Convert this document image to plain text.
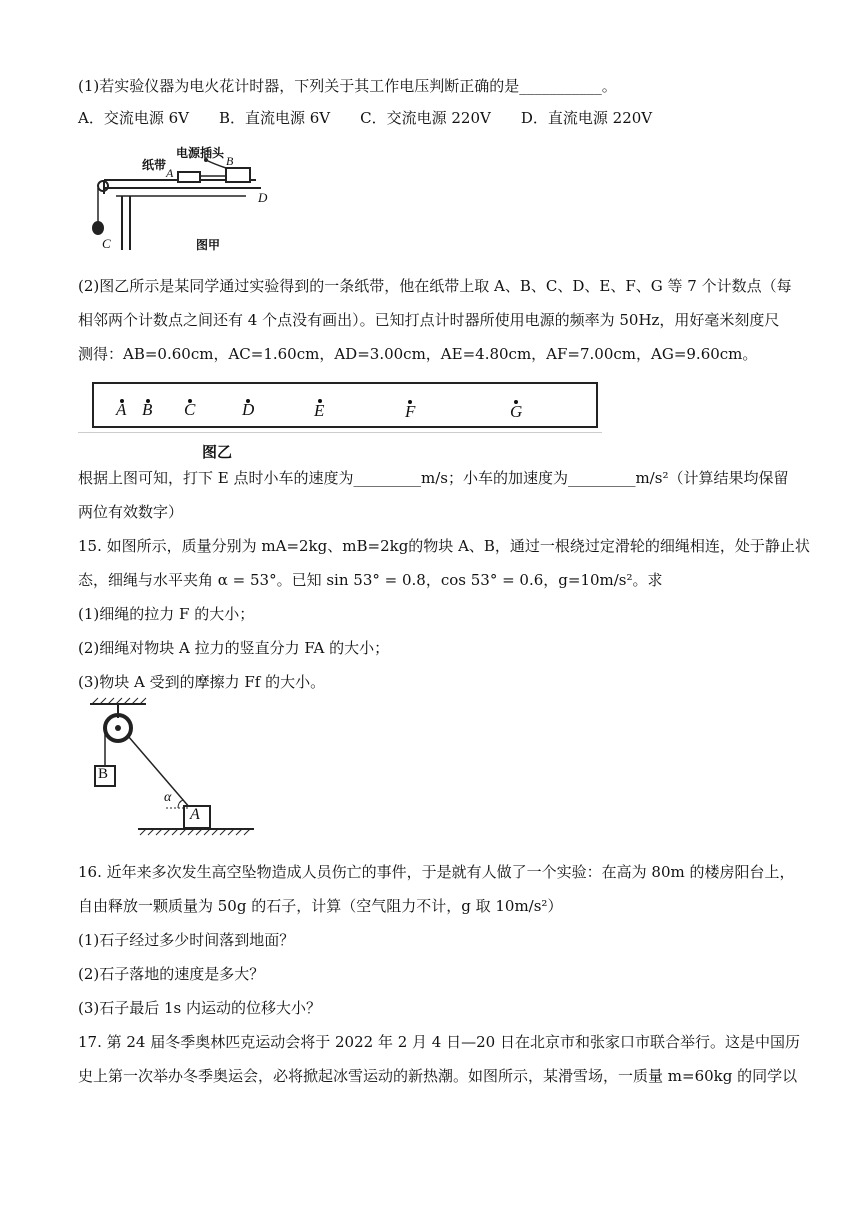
(1)若实验仪器为电火花计时器，下列关于其工作电压判断正确的是___________。
A．交流电源 6V　　B．直流电源 6V　　C．交流电源 220V　　D．直流电源 220V
纸带
电源插头
A
B
C
D
图甲
(2)图乙所示是某同学通过实验得到的一条纸带，他在纸带上取 A、B、C、D、E、F、G 等 7 个计数点（每
相邻两个计数点之间还有 4 个点没有画出）。已知打点计时器所使用电源的频率为 50Hz，用好毫米刻度尺
测得：AB=0.60cm，AC=1.60cm，AD=3.00cm，AE=4.80cm，AF=7.00cm，AG=9.60cm。
A B C	D	E	F	G
图乙
根据上图可知，打下 E 点时小车的速度为_________m/s；小车的加速度为_________m/s²（计算结果均保留
两位有效数字）
15. 如图所示，质量分别为 mA=2kg、mB=2kg的物块 A、B，通过一根绕过定滑轮的细绳相连，处于静止状
态，细绳与水平夹角 α = 53°。已知 sin 53° = 0.8，cos 53° = 0.6，g=10m/s²。求
(1)细绳的拉力 F 的大小；
(2)细绳对物块 A 拉力的竖直分力 FA 的大小；
(3)物块 A 受到的摩擦力 Ff 的大小。
B
A
α
16. 近年来多次发生高空坠物造成人员伤亡的事件，于是就有人做了一个实验：在高为 80m 的楼房阳台上，
自由释放一颗质量为 50g 的石子，计算（空气阻力不计，g 取 10m/s²）
(1)石子经过多少时间落到地面？
(2)石子落地的速度是多大？
(3)石子最后 1s 内运动的位移大小？
17. 第 24 届冬季奥林匹克运动会将于 2022 年 2 月 4 日—20 日在北京市和张家口市联合举行。这是中国历
史上第一次举办冬季奥运会，必将掀起冰雪运动的新热潮。如图所示，某滑雪场，一质量 m=60kg 的同学以
